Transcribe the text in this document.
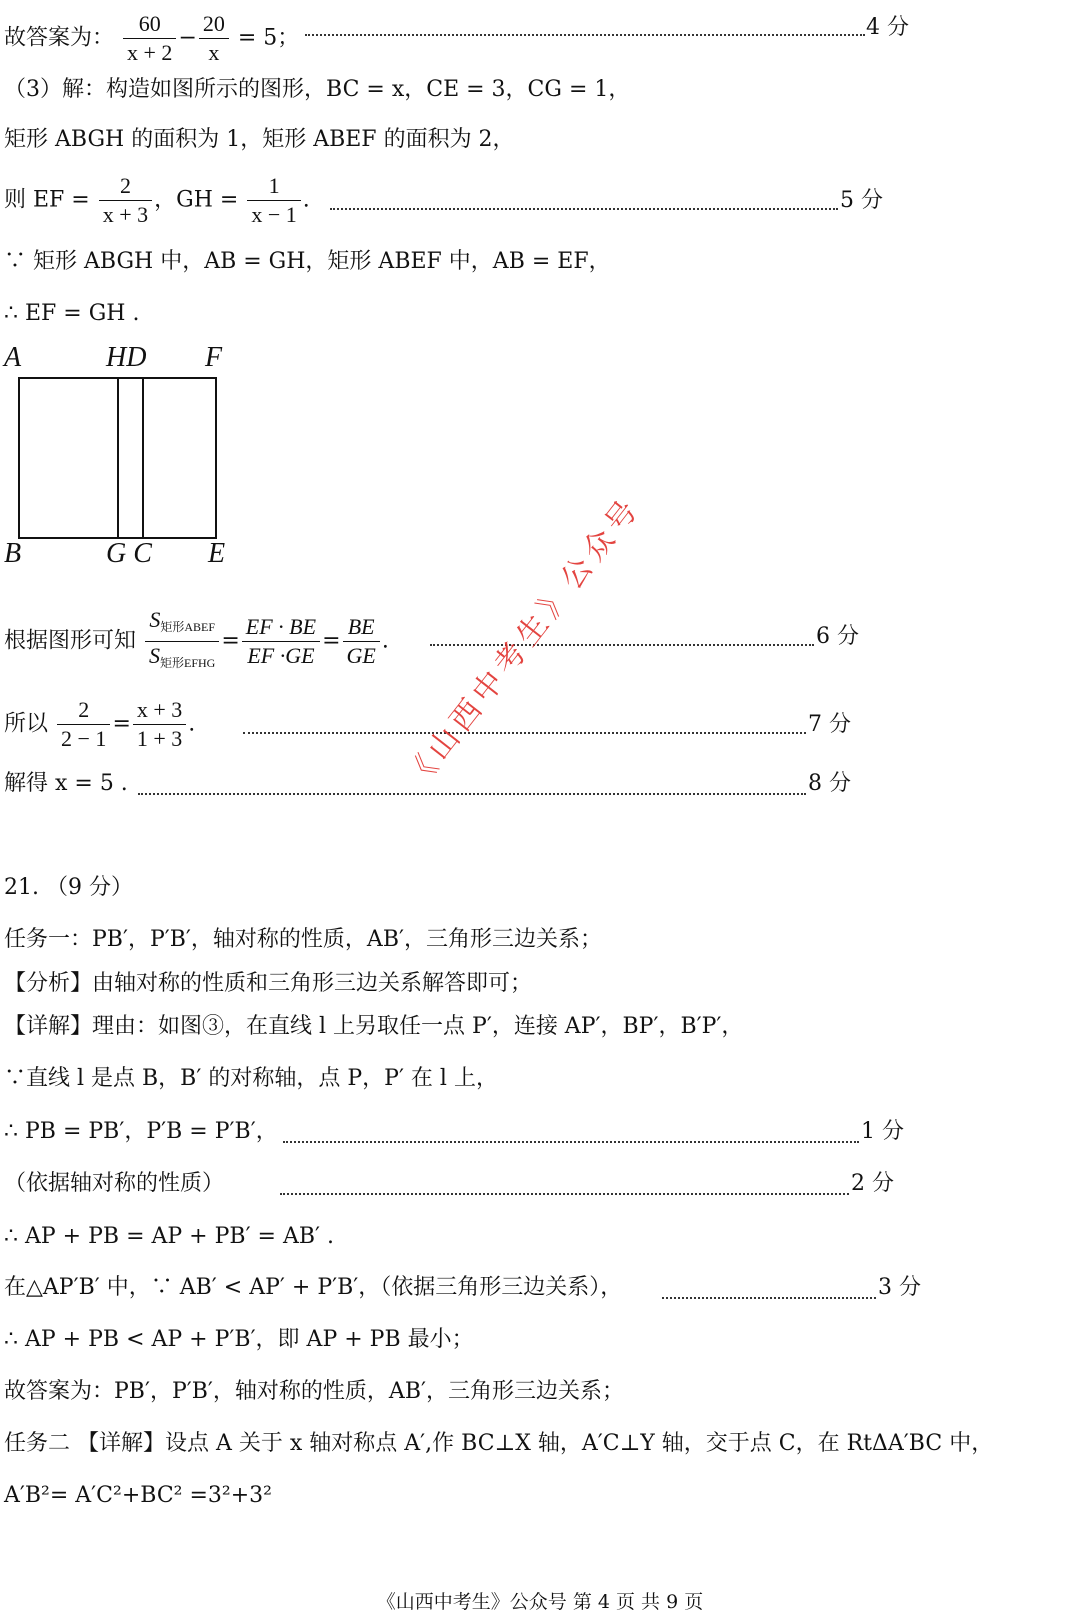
故答案为： $\frac{60}{x + 2} - \frac{20}{x} = 5$；	4 分
（3）解：构造如图所示的图形，BC = x，CE = 3，CG = 1，
矩形 ABGH 的面积为 1，矩形 ABEF 的面积为 2，
则 EF = $\frac{2}{x + 3}$ ，GH = $\frac{1}{x - 1}$ .	5 分
∵ 矩形 ABGH 中，AB = GH，矩形 ABEF 中，AB = EF，
∴ EF = GH .
A	HD F
B	G C E
根据图形可知 $\frac{S_{矩形ABEF}}{S_{矩形EFHG}} = \frac{EF \cdot BE}{EF \cdot GE} = \frac{BE}{GE}$ .	6 分
所以 $\frac{2}{2 - 1} = \frac{x + 3}{1 + 3}$ .	7 分
解得 x = 5 .	8 分
《山西中考生》公众号
21. （9 分）
任务一：PB′，P′B′，轴对称的性质，AB′，三角形三边关系；
【分析】由轴对称的性质和三角形三边关系解答即可；
【详解】理由：如图③，在直线 l 上另取任一点 P′，连接 AP′，BP′，B′P′，
∵直线 l 是点 B，B′ 的对称轴，点 P，P′ 在 l 上，
∴ PB = PB′，P′B = P′B′，	1 分
（依据轴对称的性质）	2 分
∴ AP + PB = AP + PB′ = AB′ .
在△AP′B′ 中，∵ AB′ < AP′ + P′B′，（依据三角形三边关系），	3 分
∴ AP + PB < AP + P′B′，即 AP + PB 最小；
故答案为：PB′，P′B′，轴对称的性质，AB′，三角形三边关系；
任务二 【详解】设点 A 关于 x 轴对称点 A′,作 BC⊥X 轴，A′C⊥Y 轴，交于点 C，在 RtΔA′BC 中，
A′B²= A′C²+BC² =3²+3²
《山西中考生》公众号 第 4 页 共 9 页
